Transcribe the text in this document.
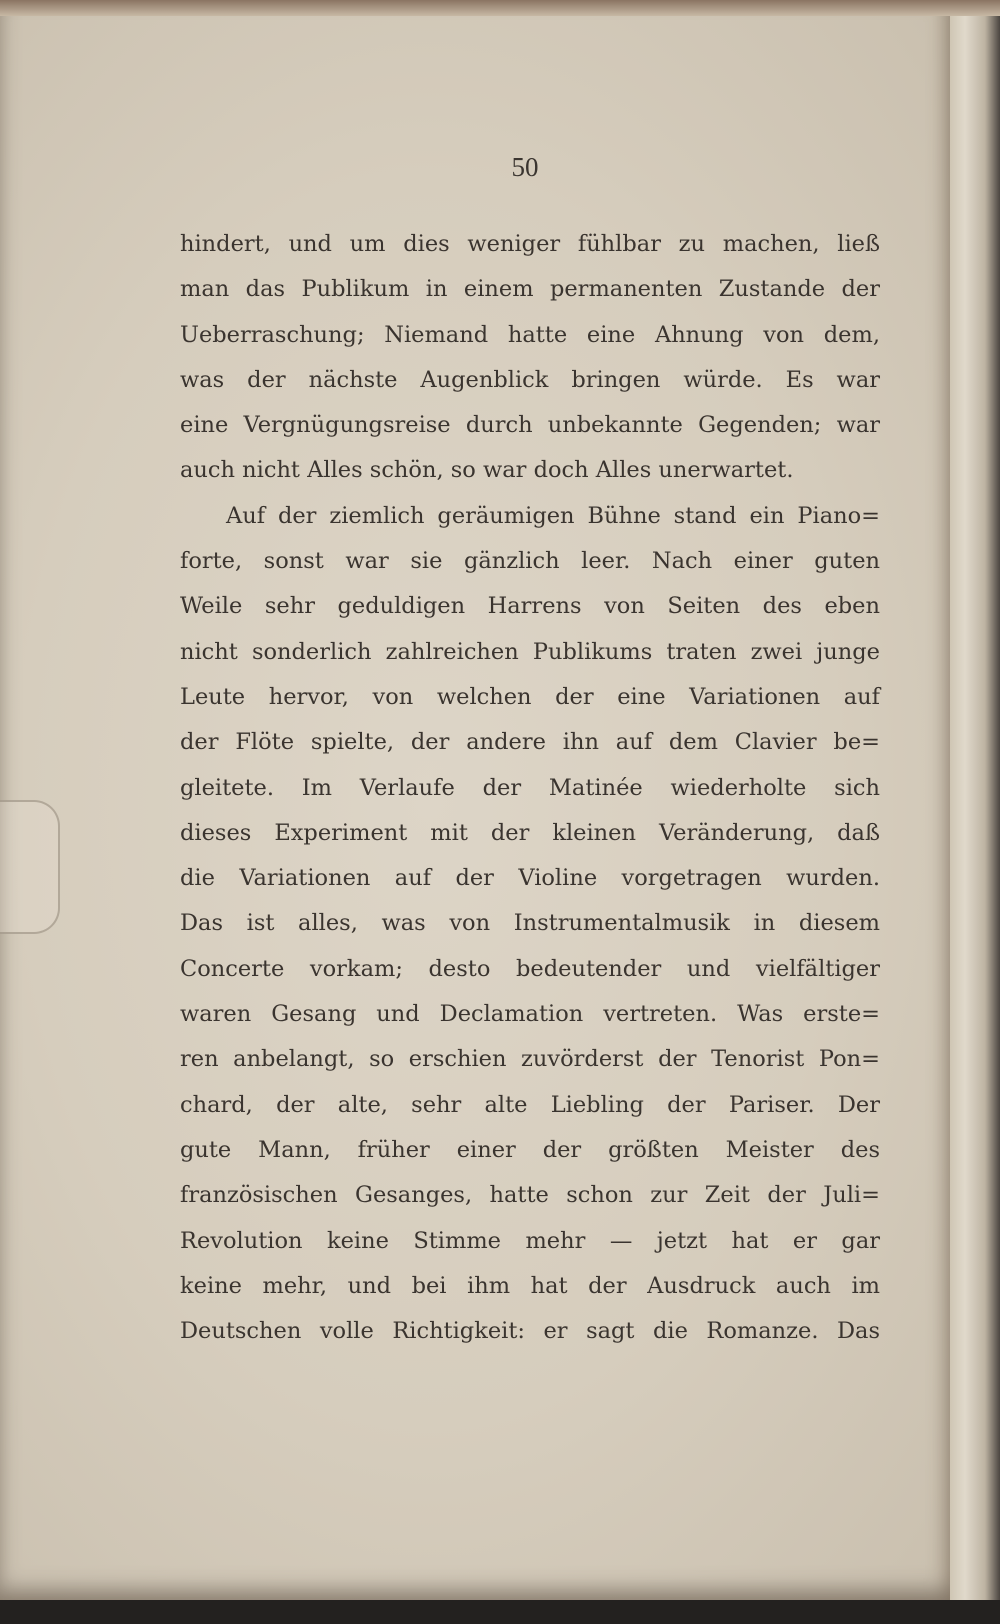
50
hindert, und um dies weniger fühlbar zu machen, ließ
man das Publikum in einem permanenten Zustande der
Ueberraschung; Niemand hatte eine Ahnung von dem,
was der nächste Augenblick bringen würde. Es war
eine Vergnügungsreise durch unbekannte Gegenden; war
auch nicht Alles schön, so war doch Alles unerwartet.
Auf der ziemlich geräumigen Bühne stand ein Piano=
forte, sonst war sie gänzlich leer. Nach einer guten
Weile sehr geduldigen Harrens von Seiten des eben
nicht sonderlich zahlreichen Publikums traten zwei junge
Leute hervor, von welchen der eine Variationen auf
der Flöte spielte, der andere ihn auf dem Clavier be=
gleitete. Im Verlaufe der Matinée wiederholte sich
dieses Experiment mit der kleinen Veränderung, daß
die Variationen auf der Violine vorgetragen wurden.
Das ist alles, was von Instrumentalmusik in diesem
Concerte vorkam; desto bedeutender und vielfältiger
waren Gesang und Declamation vertreten. Was erste=
ren anbelangt, so erschien zuvörderst der Tenorist Pon=
chard, der alte, sehr alte Liebling der Pariser. Der
gute Mann, früher einer der größten Meister des
französischen Gesanges, hatte schon zur Zeit der Juli=
Revolution keine Stimme mehr — jetzt hat er gar
keine mehr, und bei ihm hat der Ausdruck auch im
Deutschen volle Richtigkeit: er sagt die Romanze. Das
